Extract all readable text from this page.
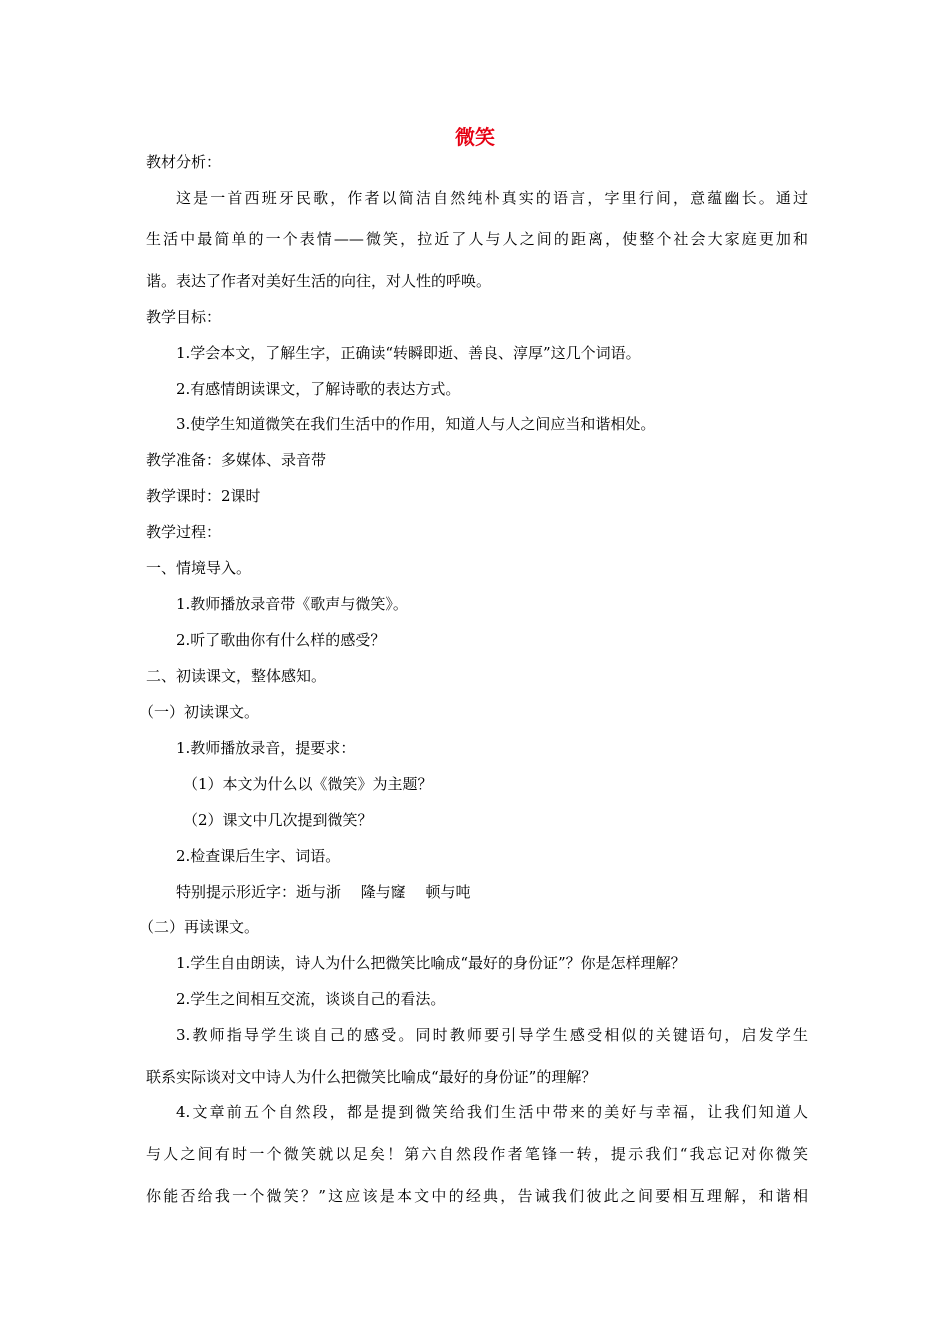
微笑
教材分析：
这是一首西班牙民歌，作者以简洁自然纯朴真实的语言，字里行间，意蕴幽长。通过
生活中最简单的一个表情——微笑，拉近了人与人之间的距离，使整个社会大家庭更加和
谐。表达了作者对美好生活的向往，对人性的呼唤。
教学目标：
1.学会本文，了解生字，正确读“转瞬即逝、善良、淳厚”这几个词语。
2.有感情朗读课文，了解诗歌的表达方式。
3.使学生知道微笑在我们生活中的作用，知道人与人之间应当和谐相处。
教学准备：多媒体、录音带
教学课时：2课时
教学过程：
一、情境导入。
1.教师播放录音带《歌声与微笑》。
2.听了歌曲你有什么样的感受？
二、初读课文，整体感知。
（一）初读课文。
1.教师播放录音，提要求：
（1）本文为什么以《微笑》为主题？
（2）课文中几次提到微笑？
2.检查课后生字、词语。
特别提示形近字：逝与浙　 隆与窿　 顿与吨
（二）再读课文。
1.学生自由朗读，诗人为什么把微笑比喻成“最好的身份证”？你是怎样理解？
2.学生之间相互交流，谈谈自己的看法。
3.教师指导学生谈自己的感受。同时教师要引导学生感受相似的关键语句，启发学生
联系实际谈对文中诗人为什么把微笑比喻成“最好的身份证”的理解？
4.文章前五个自然段，都是提到微笑给我们生活中带来的美好与幸福，让我们知道人
与人之间有时一个微笑就以足矣！第六自然段作者笔锋一转，提示我们“我忘记对你微笑
你能否给我一个微笑？”这应该是本文中的经典，告诫我们彼此之间要相互理解，和谐相
